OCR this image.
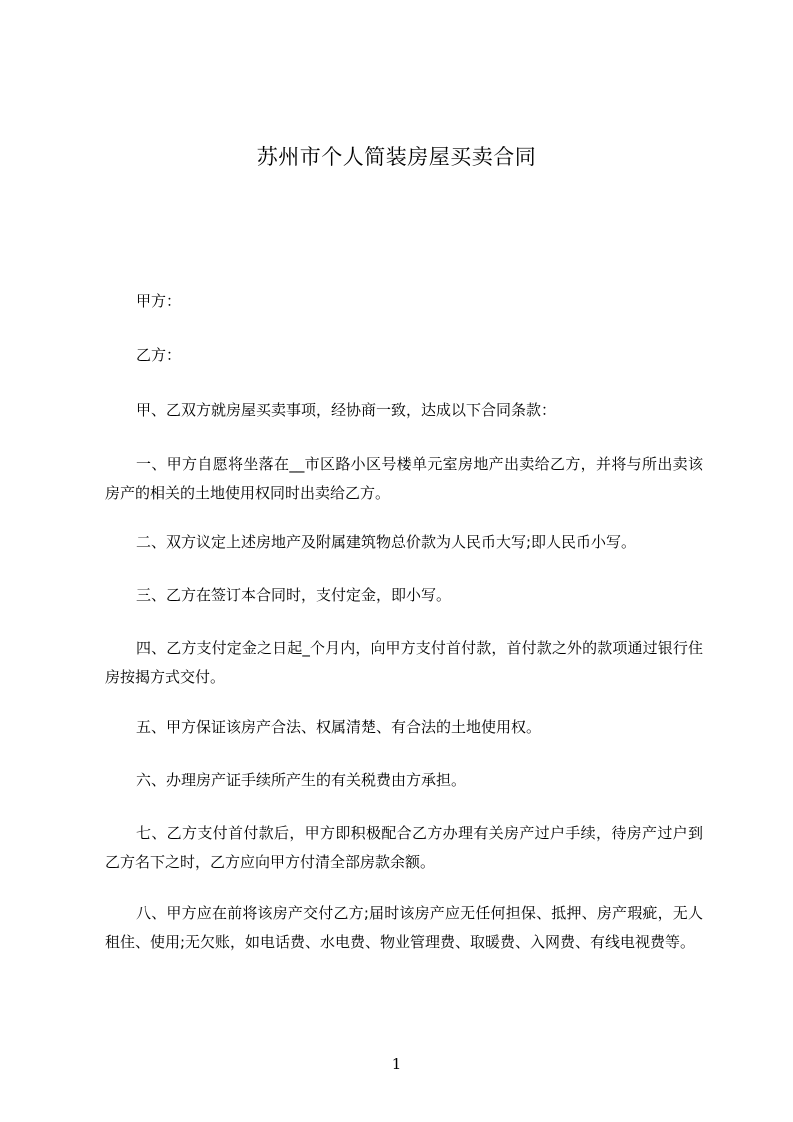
苏州市个人简装房屋买卖合同
甲方：
乙方：
甲、乙双方就房屋买卖事项，经协商一致，达成以下合同条款：
一、甲方自愿将坐落在__市区路小区号楼单元室房地产出卖给乙方，并将与所出卖该房产的相关的土地使用权同时出卖给乙方。
二、双方议定上述房地产及附属建筑物总价款为人民币大写;即人民币小写。
三、乙方在签订本合同时，支付定金，即小写。
四、乙方支付定金之日起_个月内，向甲方支付首付款，首付款之外的款项通过银行住房按揭方式交付。
五、甲方保证该房产合法、权属清楚、有合法的土地使用权。
六、办理房产证手续所产生的有关税费由方承担。
七、乙方支付首付款后，甲方即积极配合乙方办理有关房产过户手续，待房产过户到乙方名下之时，乙方应向甲方付清全部房款余额。
八、甲方应在前将该房产交付乙方;届时该房产应无任何担保、抵押、房产瑕疵，无人租住、使用;无欠账，如电话费、水电费、物业管理费、取暖费、入网费、有线电视费等。
1
